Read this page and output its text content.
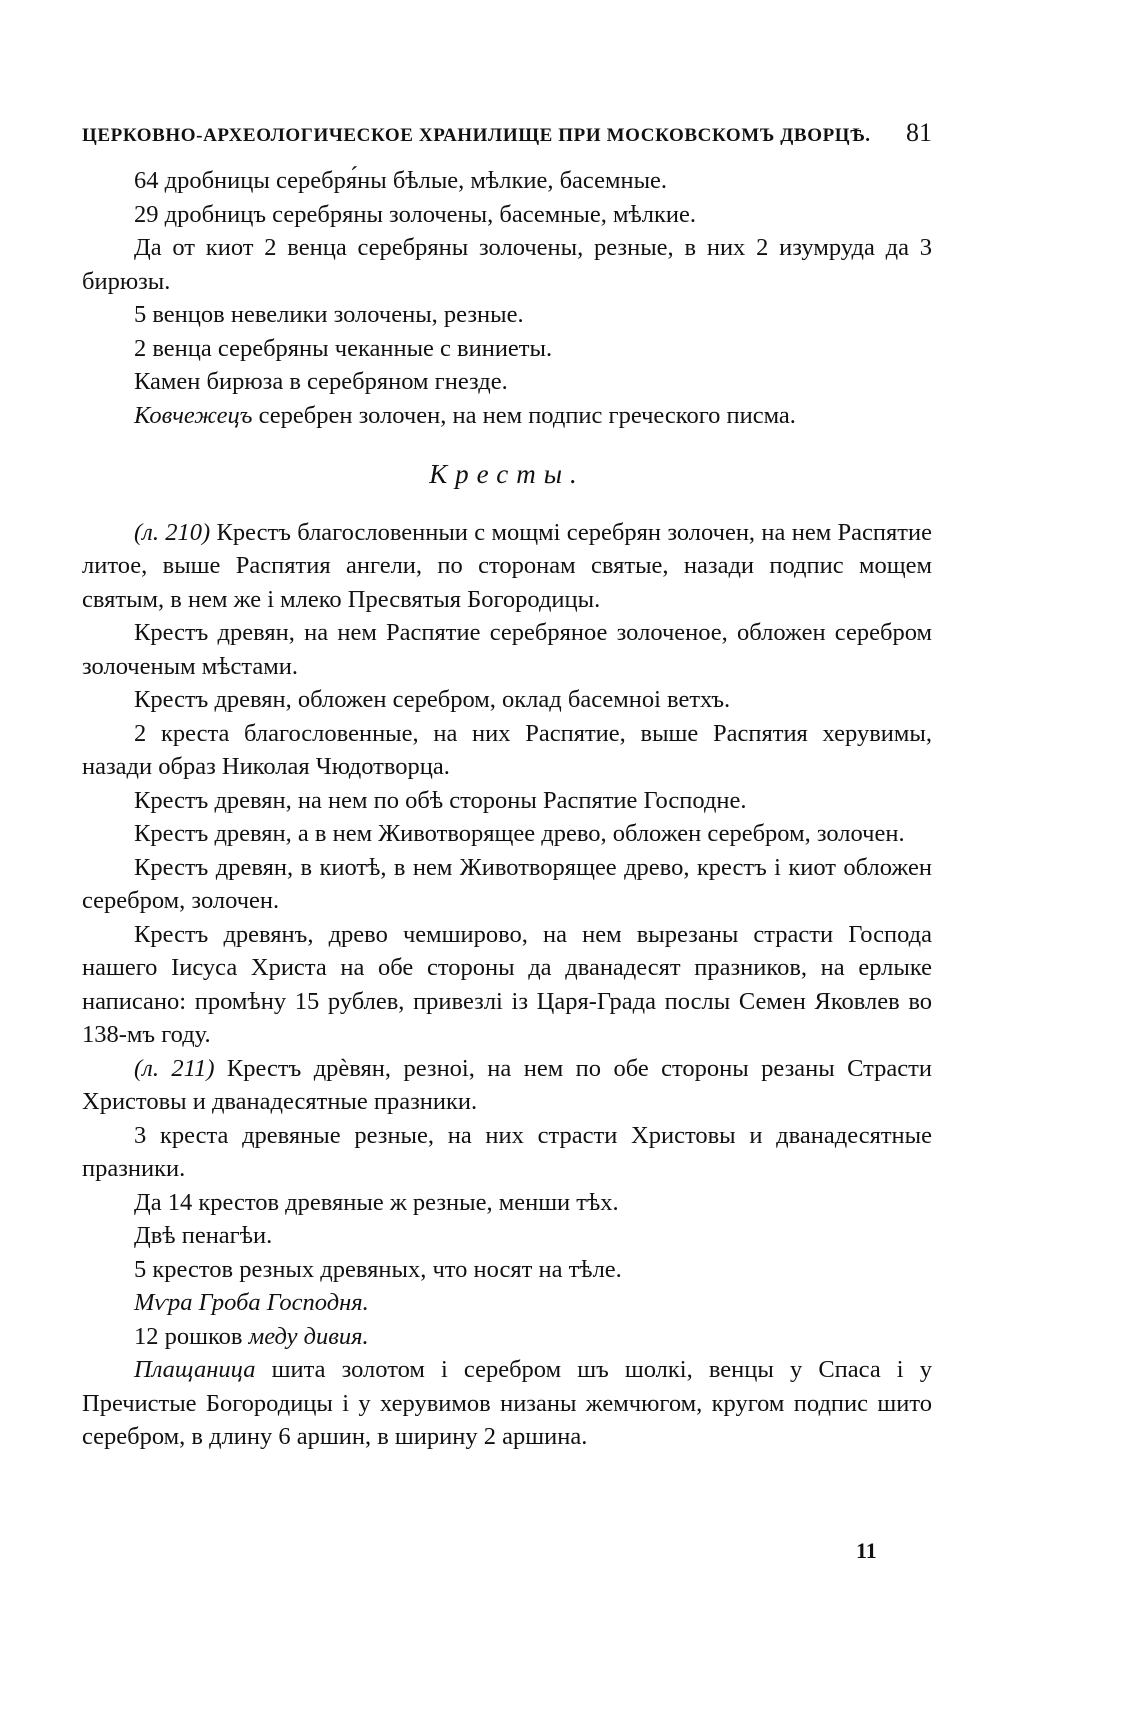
ЦЕРКОВНО-АРХЕОЛОГИЧЕСКОЕ ХРАНИЛИЩЕ ПРИ МОСКОВСКОМЪ ДВОРЦѢ. 81

64 дробницы серебря́ны бѣлые, мѣлкие, басемные.

29 дробницъ серебряны золочены, басемные, мѣлкие.

Да от киот 2 венца серебряны золочены, резные, в них 2 изумруда да 3 бирюзы.

5 венцов невелики золочены, резные.

2 венца серебряны чеканные с виниеты.

Камен бирюза в серебряном гнезде.

Ковчежецъ серебрен золочен, на нем подпис греческого писма.

Кресты.

(л. 210) Крестъ благословенныи с мощмі серебрян золочен, на нем Распятие литое, выше Распятия ангели, по сторонам святые, назади подпис мощем святым, в нем же і млеко Пресвятыя Богородицы.

Крестъ древян, на нем Распятие серебряное золоченое, обложен серебром золоченым мѣстами.

Крестъ древян, обложен серебром, оклад басемноі ветхъ.

2 креста благословенные, на них Распятие, выше Распятия херувимы, назади образ Николая Чюдотворца.

Крестъ древян, на нем по обѣ стороны Распятие Господне.

Крестъ древян, а в нем Животворящее древо, обложен серебром, золочен.

Крестъ древян, в киотѣ, в нем Животворящее древо, крестъ і киот обложен серебром, золочен.

Крестъ древянъ, древо чемширово, на нем вырезаны страсти Господа нашего Іисуса Христа на обе стороны да дванадесят празников, на ерлыке написано: промѣну 15 рублев, привезлі із Царя-Града послы Семен Яковлев во 138-мъ году.

(л. 211) Крестъ дрѐвян, резноі, на нем по обе стороны резаны Страсти Христовы и дванадесятные празники.

3 креста древяные резные, на них страсти Христовы и дванадесятные празники.

Да 14 крестов древяные ж резные, менши тѣх.

Двѣ пенагѣи.

5 крестов резных древяных, что носят на тѣле.

Мѵра Гроба Господня.

12 рошков меду дивия.

Плащаница шита золотом і серебром шъ шолкі, венцы у Спаса і у Пречистые Богородицы і у херувимов низаны жемчюгом, кругом подпис шито серебром, в длину 6 аршин, в ширину 2 аршина.

11
